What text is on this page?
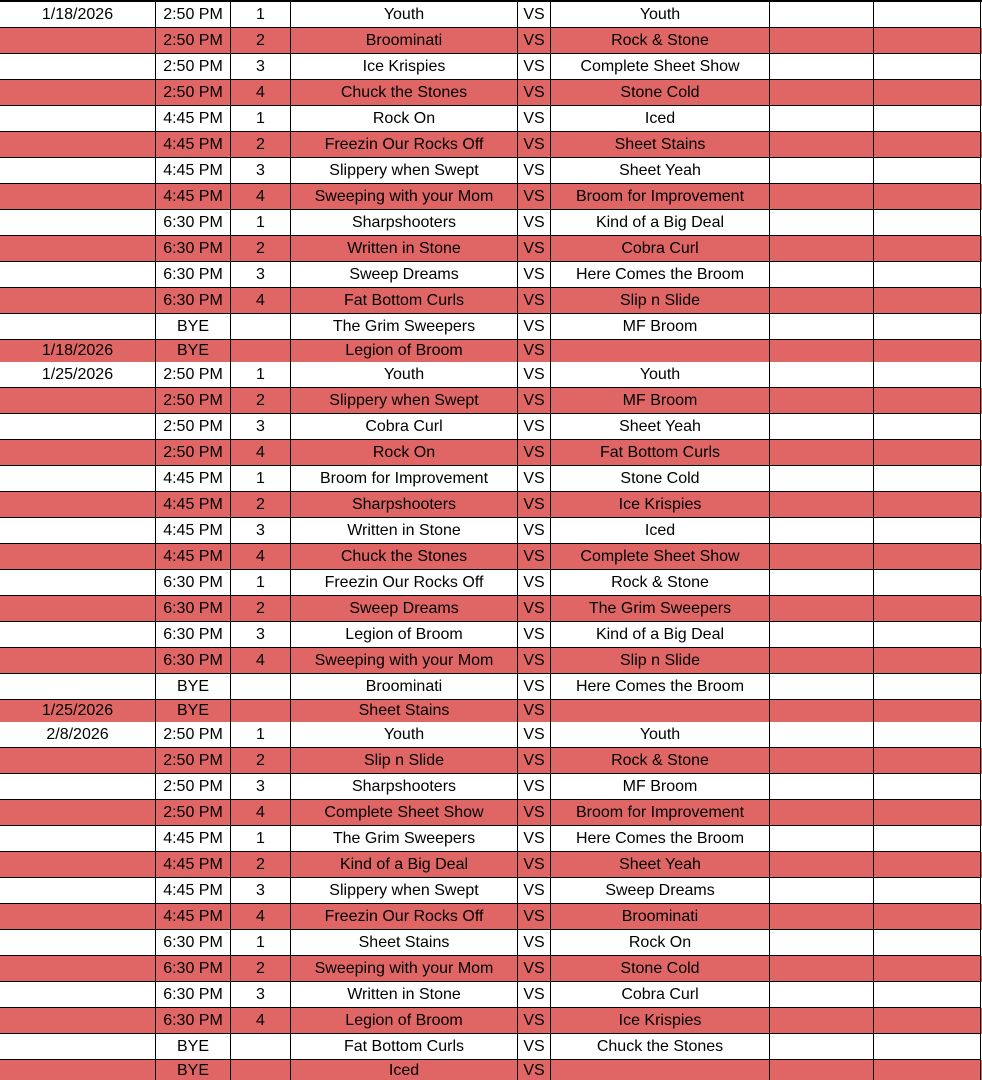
1/18/2026	2:50 PM	1	Youth	VS	Youth
2:50 PM	2	Broominati	VS	Rock & Stone
2:50 PM	3	Ice Krispies	VS	Complete Sheet Show
2:50 PM	4	Chuck the Stones	VS	Stone Cold
4:45 PM	1	Rock On	VS	Iced
4:45 PM	2	Freezin Our Rocks Off	VS	Sheet Stains
4:45 PM	3	Slippery when Swept	VS	Sheet Yeah
4:45 PM	4	Sweeping with your Mom	VS	Broom for Improvement
6:30 PM	1	Sharpshooters	VS	Kind of a Big Deal
6:30 PM	2	Written in Stone	VS	Cobra Curl
6:30 PM	3	Sweep Dreams	VS	Here Comes the Broom
6:30 PM	4	Fat Bottom Curls	VS	Slip n Slide
BYE	The Grim Sweepers	VS	MF Broom
1/18/2026	BYE	Legion of Broom	VS
1/25/2026	2:50 PM	1	Youth	VS	Youth
2:50 PM	2	Slippery when Swept	VS	MF Broom
2:50 PM	3	Cobra Curl	VS	Sheet Yeah
2:50 PM	4	Rock On	VS	Fat Bottom Curls
4:45 PM	1	Broom for Improvement	VS	Stone Cold
4:45 PM	2	Sharpshooters	VS	Ice Krispies
4:45 PM	3	Written in Stone	VS	Iced
4:45 PM	4	Chuck the Stones	VS	Complete Sheet Show
6:30 PM	1	Freezin Our Rocks Off	VS	Rock & Stone
6:30 PM	2	Sweep Dreams	VS	The Grim Sweepers
6:30 PM	3	Legion of Broom	VS	Kind of a Big Deal
6:30 PM	4	Sweeping with your Mom	VS	Slip n Slide
BYE	Broominati	VS	Here Comes the Broom
1/25/2026	BYE	Sheet Stains	VS
2/8/2026	2:50 PM	1	Youth	VS	Youth
2:50 PM	2	Slip n Slide	VS	Rock & Stone
2:50 PM	3	Sharpshooters	VS	MF Broom
2:50 PM	4	Complete Sheet Show	VS	Broom for Improvement
4:45 PM	1	The Grim Sweepers	VS	Here Comes the Broom
4:45 PM	2	Kind of a Big Deal	VS	Sheet Yeah
4:45 PM	3	Slippery when Swept	VS	Sweep Dreams
4:45 PM	4	Freezin Our Rocks Off	VS	Broominati
6:30 PM	1	Sheet Stains	VS	Rock On
6:30 PM	2	Sweeping with your Mom	VS	Stone Cold
6:30 PM	3	Written in Stone	VS	Cobra Curl
6:30 PM	4	Legion of Broom	VS	Ice Krispies
BYE	Fat Bottom Curls	VS	Chuck the Stones
BYE	Iced	VS
